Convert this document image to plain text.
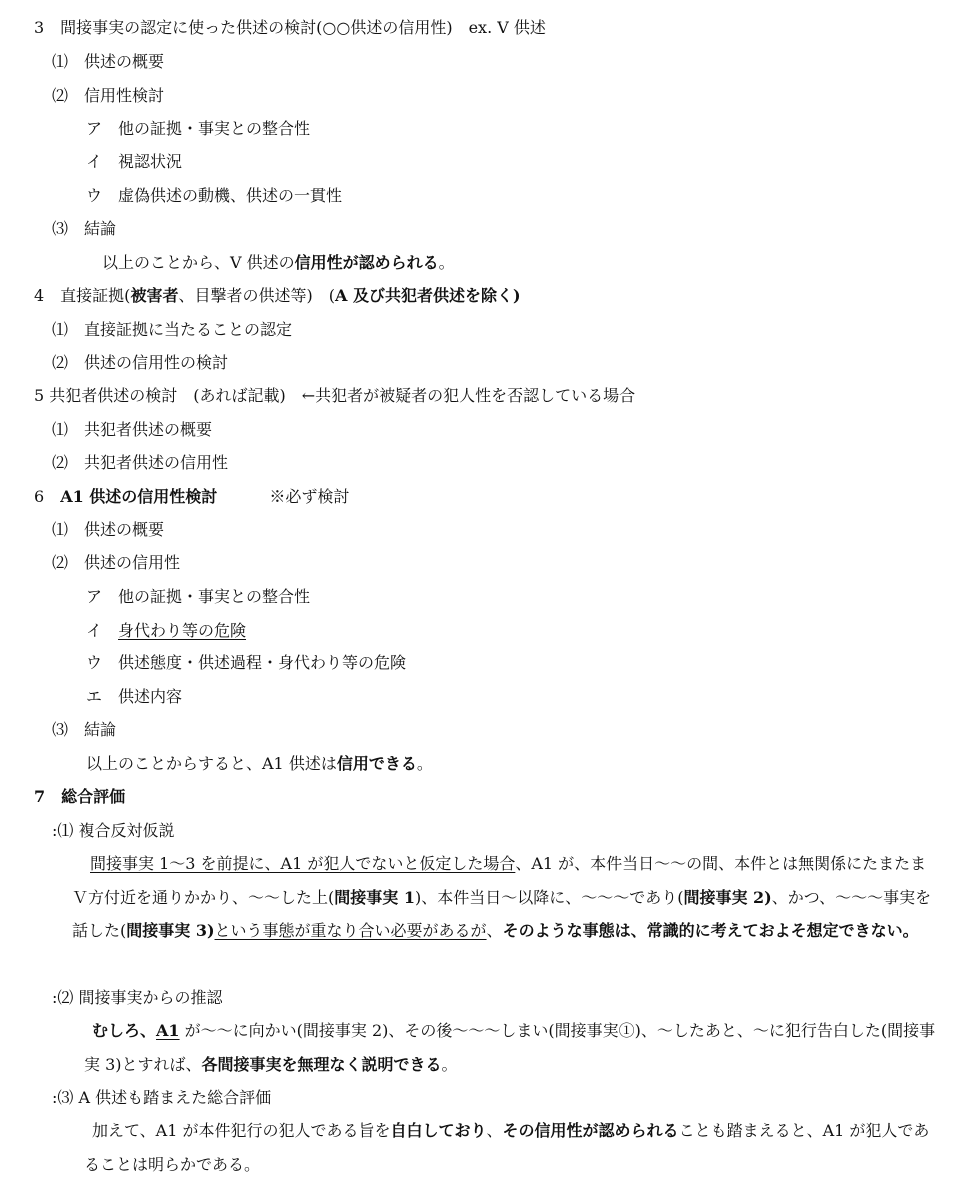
3　間接事実の認定に使った供述の検討(○○供述の信用性)　ex. V 供述
⑴　供述の概要
⑵　信用性検討
ア　他の証拠・事実との整合性
イ　視認状況
ウ　虚偽供述の動機、供述の一貫性
⑶　結論
以上のことから、V 供述の信用性が認められる。
4　直接証拠(被害者、目撃者の供述等)　(A 及び共犯者供述を除く)
⑴　直接証拠に当たることの認定
⑵　供述の信用性の検討
5 共犯者供述の検討　(あれば記載)　←共犯者が被疑者の犯人性を否認している場合
⑴　共犯者供述の概要
⑵　共犯者供述の信用性
6　A1 供述の信用性検討	※必ず検討
⑴　供述の概要
⑵　供述の信用性
ア　他の証拠・事実との整合性
イ　身代わり等の危険
ウ　供述態度・供述過程・身代わり等の危険
エ　供述内容
⑶　結論
以上のことからすると、A1 供述は信用できる。
7　総合評価
:⑴ 複合反対仮説
間接事実 1～3 を前提に、A1 が犯人でないと仮定した場合、A1 が、本件当日～～の間、本件とは無関係にたまたまＶ方付近を通りかかり、～～した上(間接事実 1)、本件当日～以降に、～～～であり(間接事実 2)、かつ、～～～事実を話した(間接事実 3)という事態が重なり合い必要があるが、そのような事態は、常識的に考えておよそ想定できない。
:⑵ 間接事実からの推認
むしろ、A1 が～～に向かい(間接事実 2)、その後～～～しまい(間接事実①)、～したあと、～に犯行告白した(間接事実 3)とすれば、各間接事実を無理なく説明できる。
:⑶ A 供述も踏まえた総合評価
加えて、A1 が本件犯行の犯人である旨を自白しており、その信用性が認められることも踏まえると、A1 が犯人であることは明らかである。
